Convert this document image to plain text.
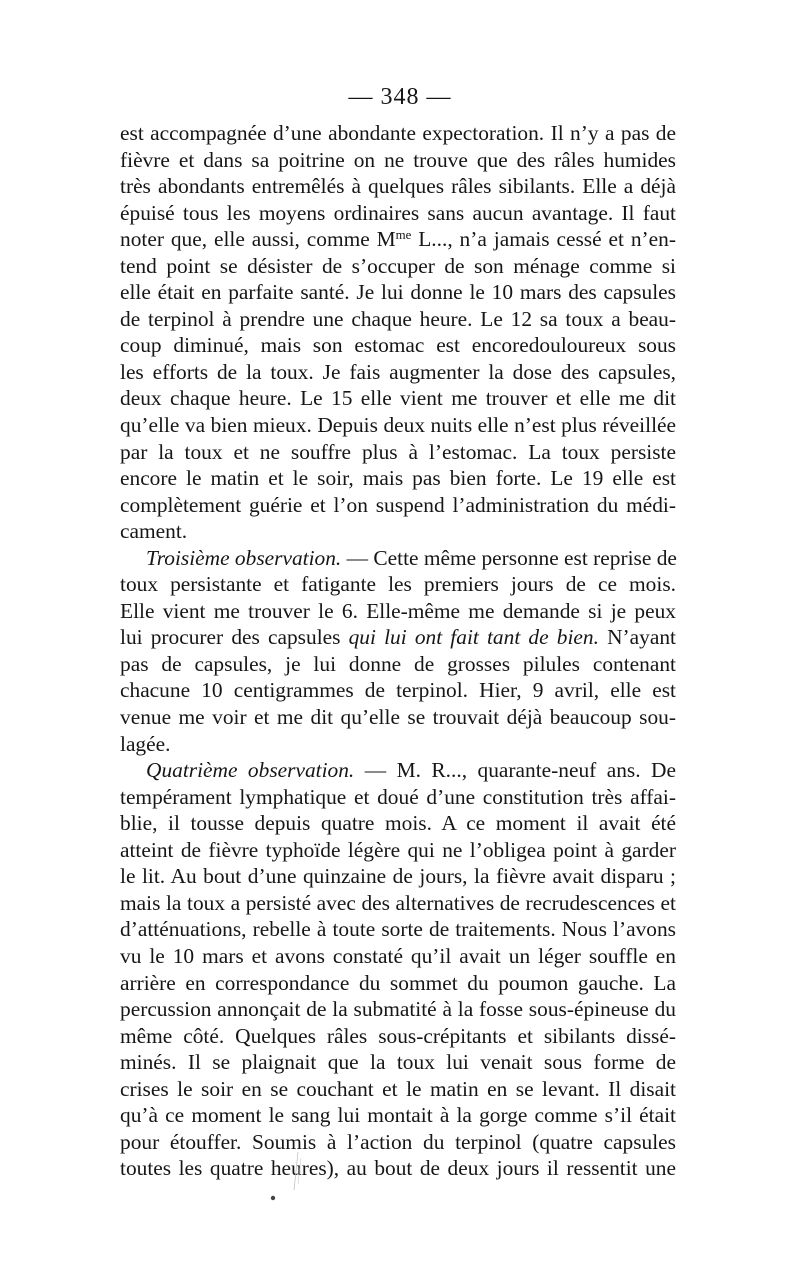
— 348 —
est accompagnée d’une abondante expectoration. Il n’y a pas de
fièvre et dans sa poitrine on ne trouve que des râles humides
très abondants entremêlés à quelques râles sibilants. Elle a déjà
épuisé tous les moyens ordinaires sans aucun avantage. Il faut
noter que, elle aussi, comme $M^{me}$ L..., n’a jamais cessé et n’en-
tend point se désister de s’occuper de son ménage comme si
elle était en parfaite santé. Je lui donne le 10 mars des capsules
de terpinol à prendre une chaque heure. Le 12 sa toux a beau-
coup diminué, mais son estomac est encoredouloureux sous
les efforts de la toux. Je fais augmenter la dose des capsules,
deux chaque heure. Le 15 elle vient me trouver et elle me dit
qu’elle va bien mieux. Depuis deux nuits elle n’est plus réveillée
par la toux et ne souffre plus à l’estomac. La toux persiste
encore le matin et le soir, mais pas bien forte. Le 19 elle est
complètement guérie et l’on suspend l’administration du médi-
cament.
Troisième observation. — Cette même personne est reprise de
toux persistante et fatigante les premiers jours de ce mois.
Elle vient me trouver le 6. Elle-même me demande si je peux
lui procurer des capsules qui lui ont fait tant de bien. N’ayant
pas de capsules, je lui donne de grosses pilules contenant
chacune 10 centigrammes de terpinol. Hier, 9 avril, elle est
venue me voir et me dit qu’elle se trouvait déjà beaucoup sou-
lagée.
Quatrième observation. — M. R..., quarante-neuf ans. De
tempérament lymphatique et doué d’une constitution très affai-
blie, il tousse depuis quatre mois. A ce moment il avait été
atteint de fièvre typhoïde légère qui ne l’obligea point à garder
le lit. Au bout d’une quinzaine de jours, la fièvre avait disparu ;
mais la toux a persisté avec des alternatives de recrudescences et
d’atténuations, rebelle à toute sorte de traitements. Nous l’avons
vu le 10 mars et avons constaté qu’il avait un léger souffle en
arrière en correspondance du sommet du poumon gauche. La
percussion annonçait de la submatité à la fosse sous-épineuse du
même côté. Quelques râles sous-crépitants et sibilants dissé-
minés. Il se plaignait que la toux lui venait sous forme de
crises le soir en se couchant et le matin en se levant. Il disait
qu’à ce moment le sang lui montait à la gorge comme s’il était
pour étouffer. Soumis à l’action du terpinol (quatre capsules
toutes les quatre heures), au bout de deux jours il ressentit une
